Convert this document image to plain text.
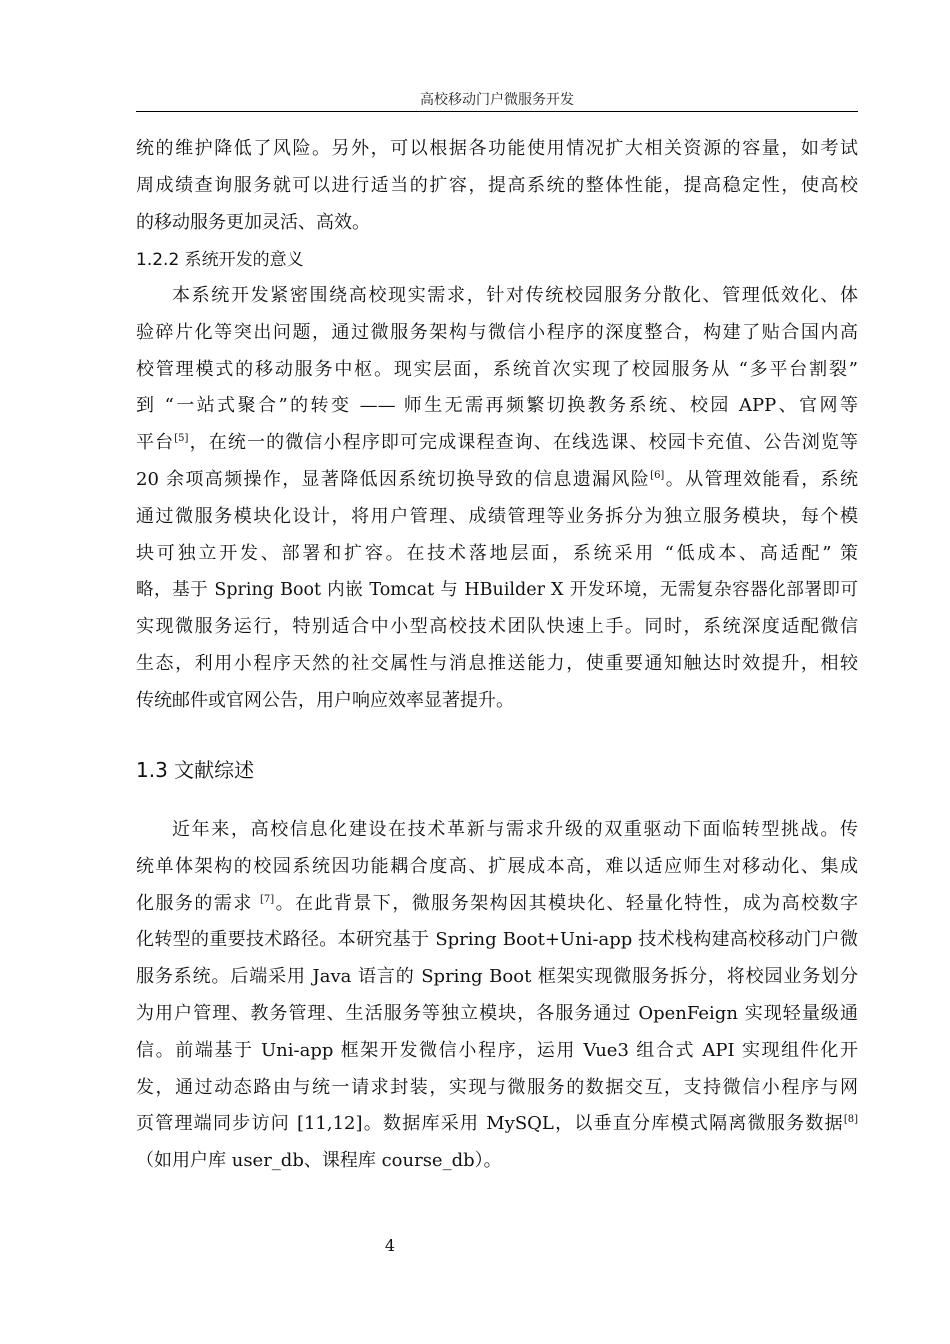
高校移动门户微服务开发
统的维护降低了风险。另外，可以根据各功能使用情况扩大相关资源的容量，如考试
周成绩查询服务就可以进行适当的扩容，提高系统的整体性能，提高稳定性，使高校
的移动服务更加灵活、高效。
1.2.2 系统开发的意义
本系统开发紧密围绕高校现实需求，针对传统校园服务分散化、管理低效化、体
验碎片化等突出问题，通过微服务架构与微信小程序的深度整合，构建了贴合国内高
校管理模式的移动服务中枢。现实层面，系统首次实现了校园服务从 “多平台割裂”
到 “一站式聚合”的转变 —— 师生无需再频繁切换教务系统、校园 APP、官网等
平台[5]，在统一的微信小程序即可完成课程查询、在线选课、校园卡充值、公告浏览等
20 余项高频操作，显著降低因系统切换导致的信息遗漏风险[6]。从管理效能看，系统
通过微服务模块化设计，将用户管理、成绩管理等业务拆分为独立服务模块，每个模
块可独立开发、部署和扩容。在技术落地层面，系统采用 “低成本、高适配” 策
略，基于 Spring Boot 内嵌 Tomcat 与 HBuilder X 开发环境，无需复杂容器化部署即可
实现微服务运行，特别适合中小型高校技术团队快速上手。同时，系统深度适配微信
生态，利用小程序天然的社交属性与消息推送能力，使重要通知触达时效提升，相较
传统邮件或官网公告，用户响应效率显著提升。
1.3 文献综述
近年来，高校信息化建设在技术革新与需求升级的双重驱动下面临转型挑战。传
统单体架构的校园系统因功能耦合度高、扩展成本高，难以适应师生对移动化、集成
化服务的需求 [7]。在此背景下，微服务架构因其模块化、轻量化特性，成为高校数字
化转型的重要技术路径。本研究基于 Spring Boot+Uni-app 技术栈构建高校移动门户微
服务系统。后端采用 Java 语言的 Spring Boot 框架实现微服务拆分，将校园业务划分
为用户管理、教务管理、生活服务等独立模块，各服务通过 OpenFeign 实现轻量级通
信。前端基于 Uni-app 框架开发微信小程序，运用 Vue3 组合式 API 实现组件化开
发，通过动态路由与统一请求封装，实现与微服务的数据交互，支持微信小程序与网
页管理端同步访问 [11,12]。数据库采用 MySQL，以垂直分库模式隔离微服务数据[8]
（如用户库 user_db、课程库 course_db）。
4
